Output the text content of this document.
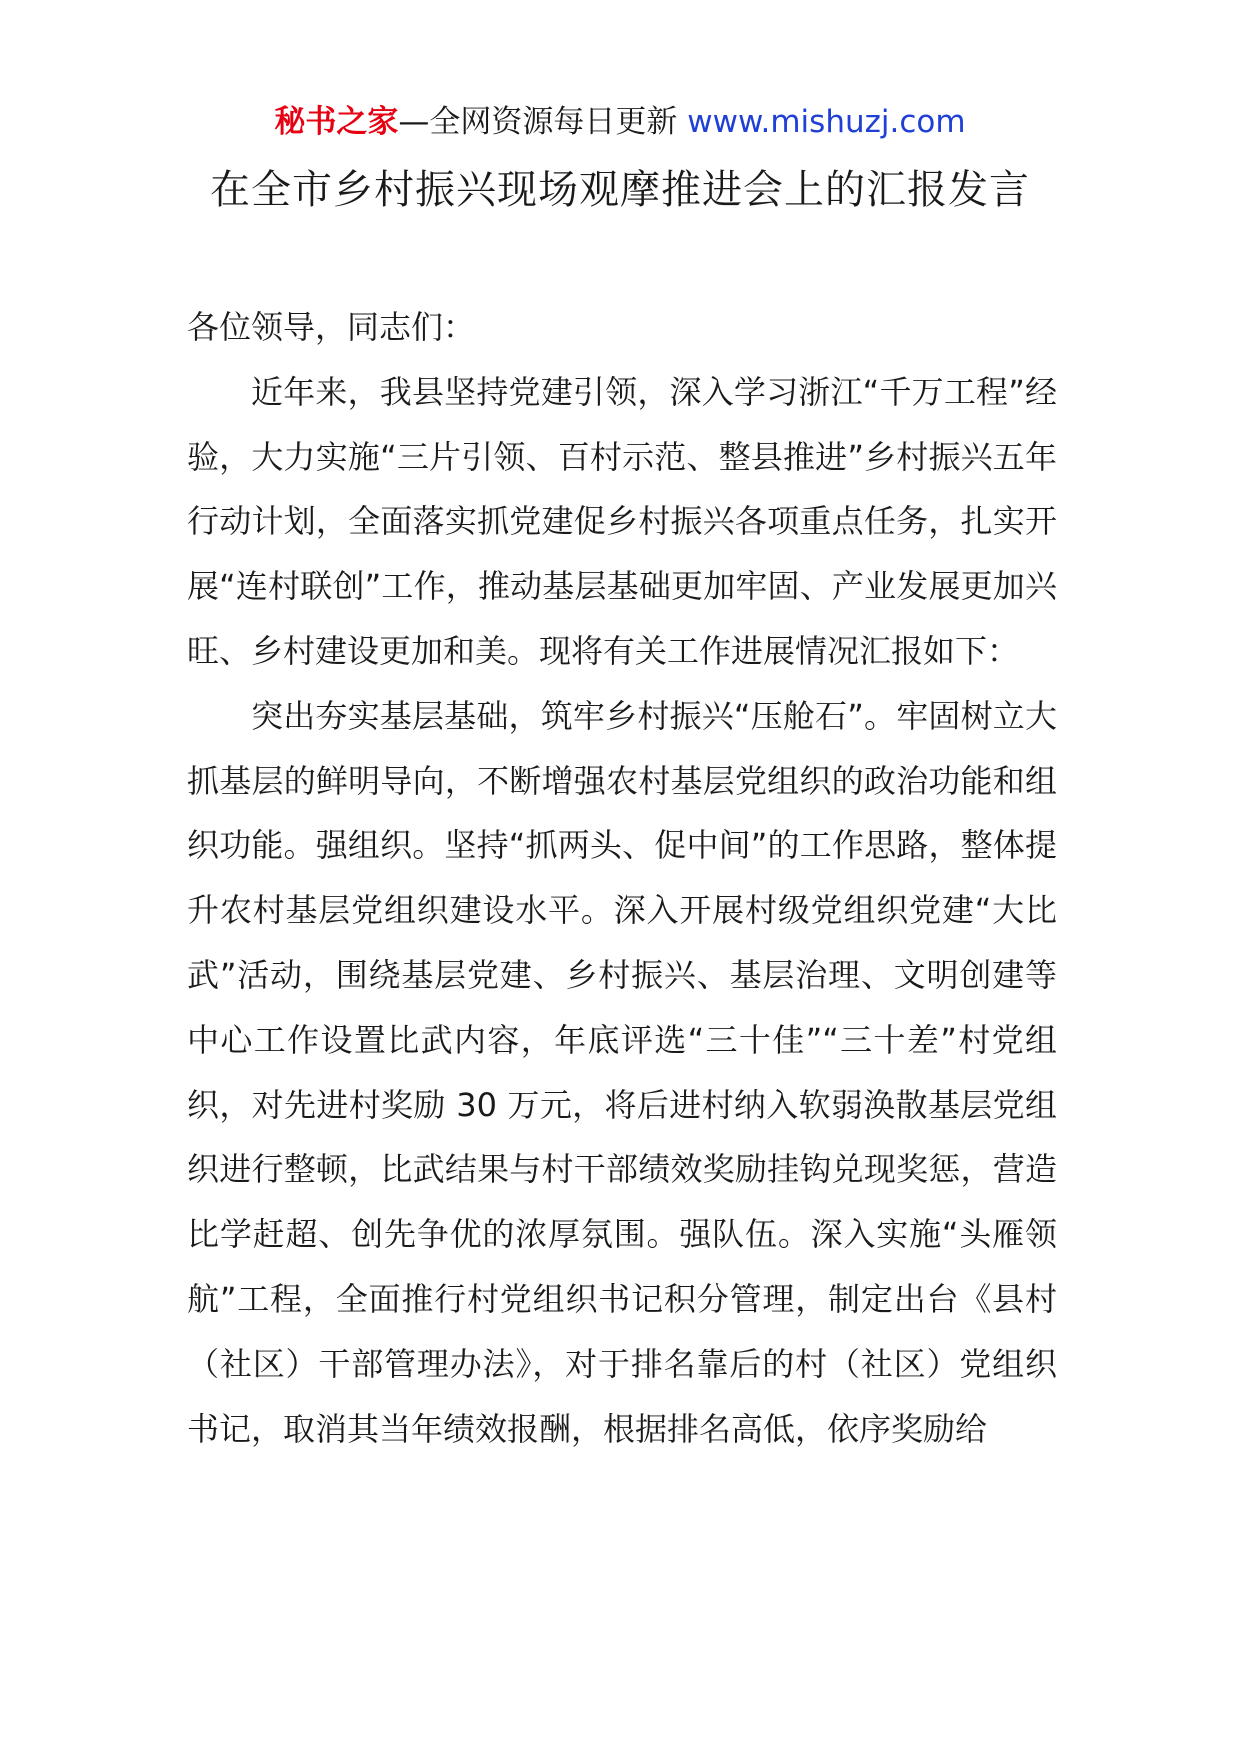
秘书之家—全网资源每日更新 www.mishuzj.com
在全市乡村振兴现场观摩推进会上的汇报发言

各位领导，同志们：

近年来，我县坚持党建引领，深入学习浙江“千万工程”经验，大力实施“三片引领、百村示范、整县推进”乡村振兴五年行动计划，全面落实抓党建促乡村振兴各项重点任务，扎实开展“连村联创”工作，推动基层基础更加牢固、产业发展更加兴旺、乡村建设更加和美。现将有关工作进展情况汇报如下：

突出夯实基层基础，筑牢乡村振兴“压舱石”。牢固树立大抓基层的鲜明导向，不断增强农村基层党组织的政治功能和组织功能。强组织。坚持“抓两头、促中间”的工作思路，整体提升农村基层党组织建设水平。深入开展村级党组织党建“大比武”活动，围绕基层党建、乡村振兴、基层治理、文明创建等中心工作设置比武内容，年底评选“三十佳”“三十差”村党组织，对先进村奖励 30 万元，将后进村纳入软弱涣散基层党组织进行整顿，比武结果与村干部绩效奖励挂钩兑现奖惩，营造比学赶超、创先争优的浓厚氛围。强队伍。深入实施“头雁领航”工程，全面推行村党组织书记积分管理，制定出台《县村（社区）干部管理办法》，对于排名靠后的村（社区）党组织书记，取消其当年绩效报酬，根据排名高低，依序奖励给
